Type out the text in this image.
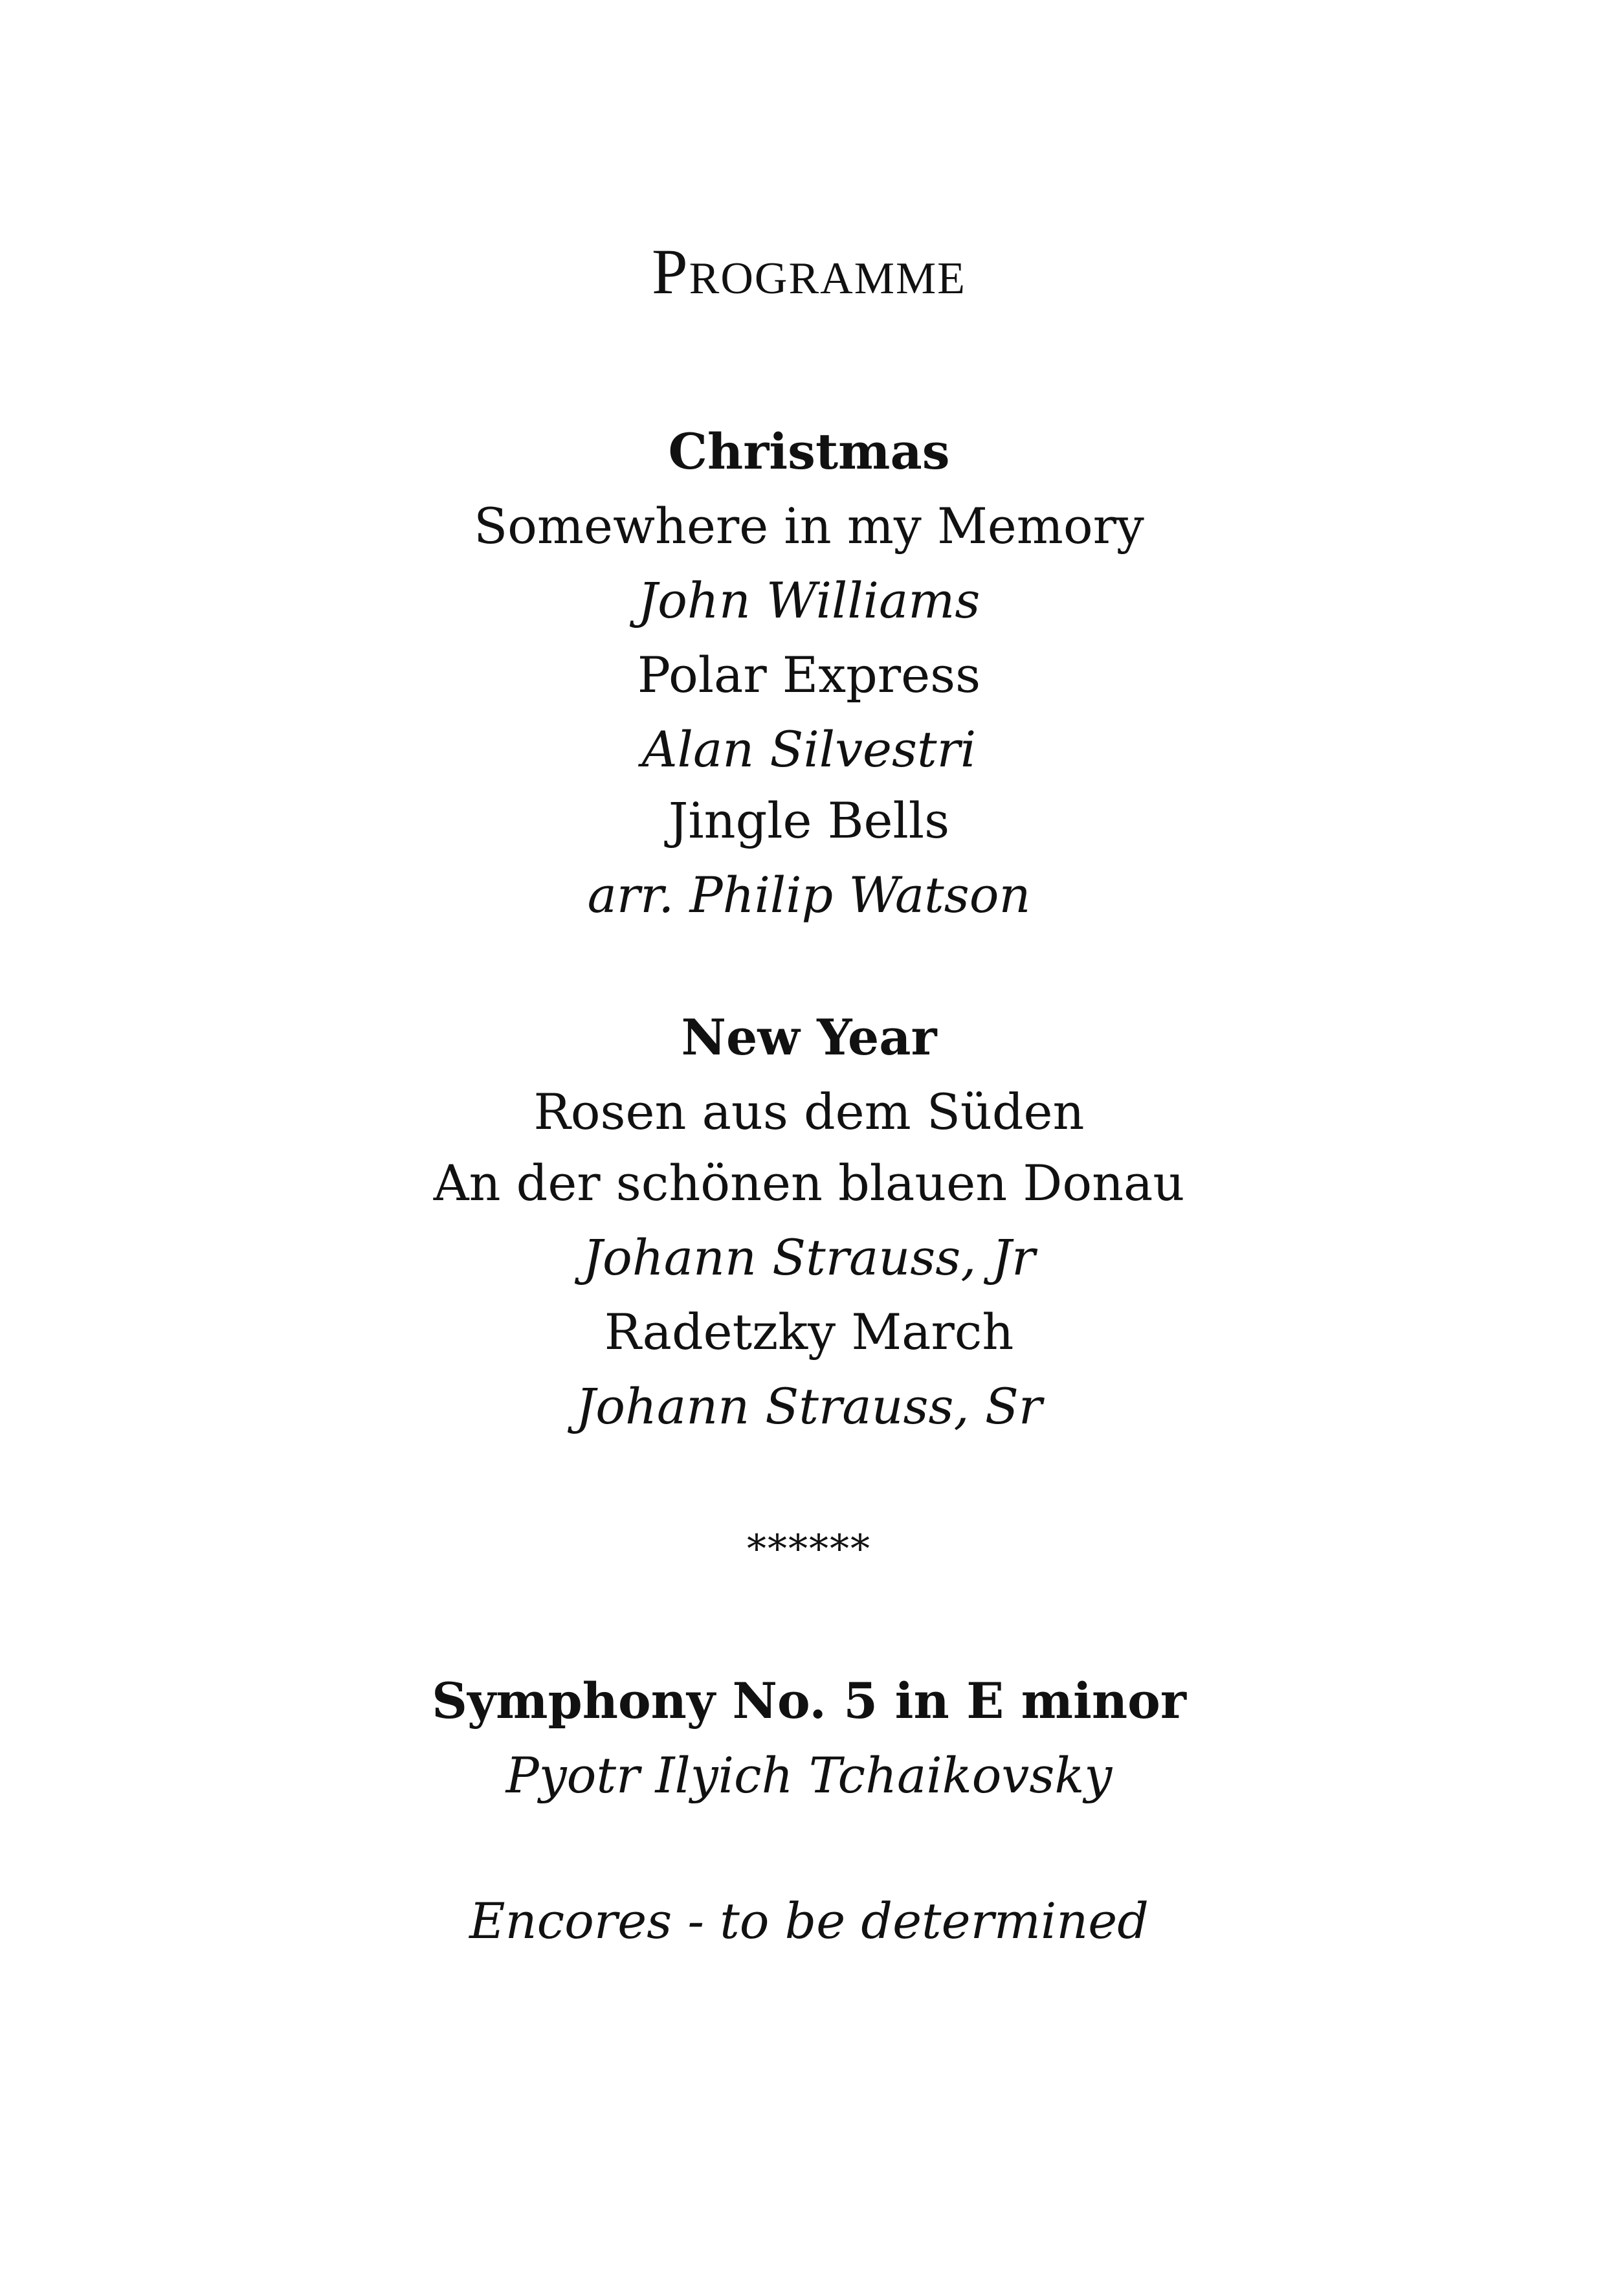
Programme
Christmas
Somewhere in my Memory
John Williams
Polar Express
Alan Silvestri
Jingle Bells
arr. Philip Watson
New Year
Rosen aus dem Süden
An der schönen blauen Donau
Johann Strauss, Jr
Radetzky March
Johann Strauss, Sr
******
Symphony No. 5 in E minor
Pyotr Ilyich Tchaikovsky
Encores - to be determined
